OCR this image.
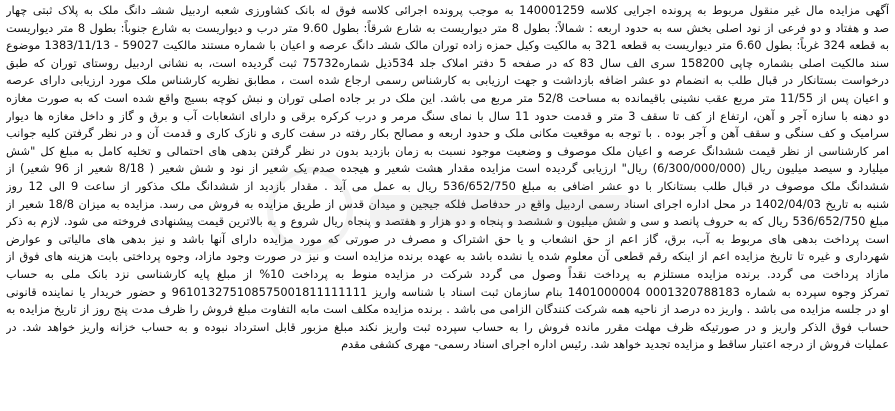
آگهی مزایده مال غیر منقول مربوط به پرونده اجرایی کلاسه 140001259 به موجب پرونده اجرائی کلاسه فوق له بانک کشاورزی شعبه اردبیل ششـ دانگ ملک به پلاک ثبتی چهار
صد و هفتاد و دو فرعی از نود اصلی بخش سه به حدود اربعه : شمالاً: بطول 8 متر دیواریست به شارع شرقاً: بطول 9.60 متر درب و دیواریست به شارع جنوباً: بطول 8 متر دیواریست
به قطعه 324 غرباً: بطول 6.60 متر دیواریست به قطعه 321 به مالکیت وکیل حمزه زاده توران مالک ششـ دانگ عرصه و اعیان با شماره مستند مالکیت 59027 - 1383/11/13 موضوع
سند مالکیت اصلی بشماره چاپی 158200 سری الف سال 83 که در صفحه 5 دفتر املاک جلد 534ذیل شماره75732 ثبت گردیده است، به نشانی اردبیل روستای توران که طبق
درخواست بستانکار در قبال طلب به انضمام دو عشر اضافه بازداشت و جهت ارزیابی به کارشناس رسمی ارجاع شده است ، مطابق نظریه کارشناس ملک مورد ارزیابی دارای عرصه
و اعیان پس از 11/55 متر مربع عقب نشینی باقیمانده به مساحت 52/8 متر مربع می باشد. این ملک در بر جاده اصلی توران و نبش کوچه بسیج واقع شده است که به صورت مغازه
دو دهنه با سازه آجر و آهن، ارتفاع از کف تا سقف 3 متر و قدمت حدود 11 سال با نمای سنگ مرمر و درب کرکره برقی و دارای انشعابات آب و برق و گاز و داخل مغازه ها دیوار
سرامیک و کف سنگی و سقف آهن و آجر بوده . با توجه به موقعیت مکانی ملک و حدود اربعه و مصالح بکار رفته در سفت کاری و نازک کاری و قدمت آن و در نظر گرفتن کلیه جوانب
امر کارشناسی از نظر قیمت ششدانگ عرصه و اعیان ملک موصوف و وضعیت موجود نسبت به زمان بازدید بدون در نظر گرفتن بدهی های احتمالی و تخلیه کامل به مبلغ کل "شش
میلیارد و سیصد میلیون ریال (6/300/000/000) ریال" ارزیابی گردیده است مزایده مقدار هشت شعیر و هیجده صدم یک شعیر از نود و شش شعیر ( 8/18 شعیر از 96 شعیر) از
ششدانگ ملک موصوف در قبال طلب بستانکار با دو عشر اضافی به مبلغ 536/652/750 ریال به عمل می آید . مقدار بازدید از ششدانگ ملک مذکور از ساعت 9 الی 12 روز
شنبه به تاریخ 1402/04/03 در محل اداره اجرای اسناد رسمی اردبیل واقع در حدفاصل فلکه جیجین و میدان قدس از طریق مزایده به فروش می رسد. مزایده به میزان 18/8 شعیر از
مبلغ 536/652/750 ریال که به حروف پانصد و سی و شش میلیون و ششصد و پنجاه و دو هزار و هفتصد و پنجاه ریال شروع و به بالاترین قیمت پیشنهادی فروخته می شود. لازم به ذکر
است پرداخت بدهی های مربوط به آب، برق، گاز اعم از حق انشعاب و یا حق اشتراک و مصرف در صورتی که مورد مزایده دارای آنها باشد و نیز بدهی های مالیاتی و عوارض
شهرداری و غیره تا تاریخ مزایده اعم از اینکه رقم قطعی آن معلوم شده یا نشده باشد به عهده برنده مزایده است و نیز در صورت وجود مازاد، وجوه پرداختی بابت هزینه های فوق از
مازاد پرداخت می گردد. برنده مزایده مستلزم به پرداخت نقداً وصول می گردد شرکت در مزایده منوط به پرداخت 10% از مبلغ پایه کارشناسی نزد بانک ملی به حساب
تمرکز وجوه سپرده به شماره 0001320788183 1401000004 بنام سازمان ثبت اسناد با شناسه واریز 961013275108575001811111111 و حضور خریدار یا نماینده قانونی
او در جلسه مزایده می باشد . واریز ده درصد از ناحیه همه شرکت کنندگان الزامی می باشد . برنده مزایده مکلف است مابه التفاوت مبلغ فروش را ظرف مدت پنج روز از تاریخ مزایده به
حساب فوق الذکر واریز و در صورتیکه ظرف مهلت مقرر مانده فروش را به حساب سپرده ثبت واریز نکند مبلغ مزبور قابل استرداد نبوده و به حساب خزانه واریز خواهد شد. در
عملیات فروش از درجه اعتبار ساقط و مزایده تجدید خواهد شد. رئیس اداره اجرای اسناد رسمی- مهری کشفی مقدم
